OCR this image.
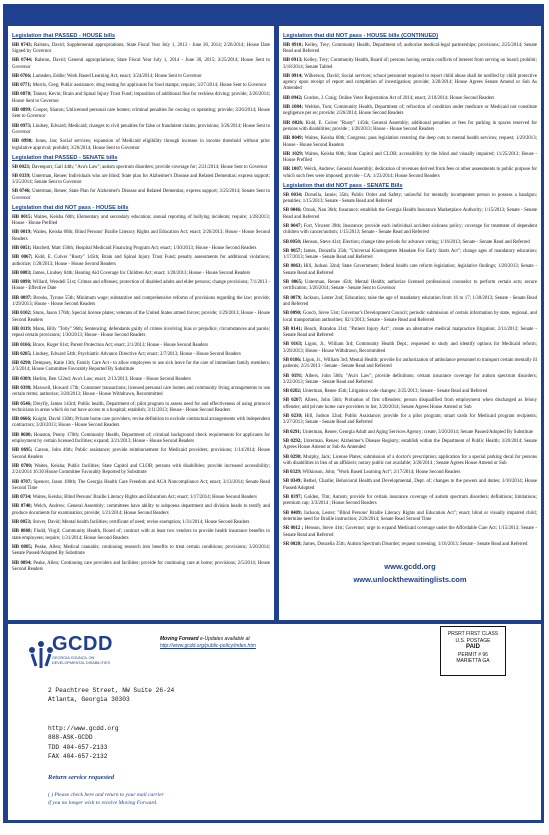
Legislation that PASSED - HOUSE bills
HB 0743; Ralston, David; Supplemental appropriations; State Fiscal Year July 1, 2013 - June 30, 2014; 2/26/2014; House Date Signed by Governor
HB 0744; Ralston, David; General appropriations; State Fiscal Year July 1, 2014 - June 30, 2015; 3/25/2014; House Sent to Governor
HB 0766; Lumsden, Eddie; Work Based Learning Act; enact; 3/24/2014; House Sent to Governor
HB 0771; Morris, Greg; Public assistance; drug testing for applicants for food stamps; require; 3/27/2014; House Sent to Governor
HB 0870; Tanner, Kevin; Brain and Spinal Injury Trust Fund; imposition of additional fine for reckless driving; provide; 3/26/2014; House Sent to Governor
HB 0899; Cooper, Sharon; Unlicensed personal care homes; criminal penalties for owning or operating; provide; 3/26/2014; House Sent to Governor
HB 0973; Lindsey, Edward; Medicaid; changes to civil penalties for false or fraudulent claims; provisions; 3/26/2014; House Sent to Governor
HB 0990; Jones, Jan; Social services; expansion of Medicaid eligibility through increase in income threshold without prior legislative approval; prohibit; 3/26/2014; House Sent to Governor
Legislation that PASSED - SENATE bills
SB 0023; Davenport, Gail 44th; "Ava's Law"; autism spectrum disorders; provide coverage for; 2/21/2014; House Sent to Governor
SB 0339; Unterman, Renee; Individuals who are blind; State plan for Alzheimer's Disease and Related Dementias; express support; 3/25/2014; Senate Sent to Governor
SB 0746; Unterman, Renee; State Plan for Alzheimer's Disease and Related Dementias; express support; 3/25/2014; Senate Sent to Governor
Legislation that did NOT pass - HOUSE bills
HB 0015; Waites, Keisha 60th; Elementary and secondary education; annual reporting of bullying incidents; require; 1/28/2013; House - House Prefiled
HB 0019; Waites, Keisha 60th; Blind Persons' Braille Literacy Rights and Education Act; enact; 2/26/2013; House - House Second Readers
HB 0051; Hatchett, Matt 150th; Hospital Medicaid Financing Program Act; enact; 1/30/2013; House - House Second Readers
HB 0067; Kidd, E. Culver "Rusty" 145th; Brain and Spinal Injury Trust Fund; penalty assessments for additional violations; authorize; 1/28/2013; House - House Second Readers
HB 0083; James, Lindsey 64th; Hearing Aid Coverage for Children Act; enact; 1/28/2013; House - House Second Readers
HB 0098; Willard, Wendell 51st; Crimes and offenses; protection of disabled adults and elder persons; change provisions; 7/1/2013 - House - Effective Date
HB 0097; Brooks, Tyrone 55th; Minimum wage; substantive and comprehensive reforms of provisions regarding the law; provide; 1/29/2013; House - House Second Readers
HB 0102; Stuns, Jason 176th; Special license plates; veterans of the United States armed forces; provide; 1/29/2013; House - House Second Readers
HB 0119; Mann, Billy "Toby" 96th; Sentencing; defendants guilty of crimes involving bias or prejudice; circumstances and parole; repeal certain provisions; 1/30/2013; House - House Second Readers
HB 0166; Bruce, Roger 61st; Parent Protection Act; enact; 2/1/2013; House - House Second Readers
HB 0205; Lindsey, Edward 54th; Psychiatric Advance Directive Act; enact; 2/7/2013; House - House Second Readers
HB 0290; Dempsey, Katie 13th; Family Care Act - to allow employees to use sick leave for the care of immediate family members; 2/3/2014; House Committee Favorably Reported By Substitute
HB 0309; Harbin, Ben 122nd; Ava's Law; enact; 2/13/2013; House - House Second Readers
HB 0398; Maxwell, Howard 17th; Consumer transactions; licensed personal care homes and community living arrangements to use certain terms; authorize; 3/28/2013; House - House Withdrawn, Recommitted
HB 0546; Dreyfly, James 143rd; Public health, Department of; pilot program to assess need for and effectiveness of using protocol technicians in areas which do not have access to a hospital; establish; 3/11/2013; House - House Second Readers
HB 0666; Knight, David 130th; Private home care providers; revise definition to exclude contractual arrangements with independent contractors; 3/20/2013; House - House Second Readers
HB 0680; Houston, Penny 170th; Community Health, Department of; criminal background check requirements for applicants for employment by certain licensed facilities; expand; 3/21/2013; House - House Second Readers
HB 0695; Carson, John 46th; Public assistance; provide reimbursement for Medicaid providers; provisions; 1/14/2014; House Second Readers
HB 0700; Waites, Keisha; Public facilities; State Capitol and CLOB; persons with disabilities; provide increased accessibility; 2/24/2014 16:30 House Committee Favorably Reported by Substitute
HB 0707; Spencer, Jason 180th; The Georgia Health Care Freedom and ACA Noncompliance Act; enact; 3/13/2014; Senate Read Second Time
HB 0734; Waites, Keisha; Blind Persons' Braille Literacy Rights and Education Act; enact; 1/17/2014; House Second Readers
HB 0740; Welch, Andrew; General Assembly; committees have ability to subpoena department and division heads to testify and produce documents for examination; provide; 1/21/2014; House Second Readers
HB 0853; Stover, David; Mental health facilities; certificate of need; revise exemption; 1/31/2014; House Second Readers
HB 0868; Fludd, Virgil; Community Health, Board of; contract with at least two vendors to provide health insurance benefits to state employees; require; 1/31/2014; House Second Readers
HB 0885; Peake, Allen; Medical cannabis; continuing research into benefits to treat certain conditions; provisions; 3/20/2014; Senate Passed/Adopted By Substitute
HB 0894; Peake, Allen; Continuing care providers and facilities; provide for continuing care at home; provisions; 2/5/2014; House Second Readers
Legislation that did NOT pass - HOUSE bills (CONTINUED)
HB 0910; Kelley, Trey; Community Health, Department of; authorize medical-legal partnerships; provisions; 2/25/2014; Senate Read and Referred
HB 0913; Kelley, Trey; Community Health, Board of; persons having certain conflicts of interest from serving on board; prohibit; 3/18/2014; Senate Tabled
HB 0914; Wilkerson, David; Social services; school personnel required to report child abuse shall be notified by child protective agency upon receipt of report and completion of investigation; provide; 3/20/2014; House Agrees Senate Amend or Sub As Amended
HB 0942; Gordon, J. Craig; Online Voter Registration Act of 2014; enact; 2/10/2014; House Second Readers
HB 1084; Weldon, Tom; Community Health, Department of; refraction of condition under medicare or Medicaid not constitute negligence per se; provide; 2/26/2014; House Second Readers
HR 0026; Kidd, E. Culver "Rusty" 145th; General Assembly; additional penalties or fees for parking in spaces reserved for persons with disabilities; provide ; 1/28/2013; House - House Second Readers
HR 0049; Waites, Keisha 60th; Congress; pass legislation restoring the deep cuts to mental health services; request; 1/29/2013; House - House Second Readers
HR 1029; Waites, Keisha 60th; State Capitol and CLOB; accessibility by the blind and visually impaired; 11/25/2013; House - House Prefiled
HR 1007; Welch, Andrew; General Assembly; dedication of revenues derived from fees or other assessments to public purpose for which such fees were imposed; provide - CA; 1/23/2014; House Second Readers
Legislation that did NOT pass - SENATE Bills
SB 0034; Dorsella, Jamie; 35th; Public Order and Safety; unlawful for mentally incompetent person to possess a handgun; penalties; 1/15/2013; Senate - Senate Read and Referred
SB 0046; Ornok, Nan 36th; Insurance; establish the Georgia Health Insurance Marketplace Authority; 1/15/2013; Senate - Senate Read and Referred
SB 0047; Fort, Vincent 39th; Insurance; provide each individual accident sickness policy; coverage for treatment of dependent children with cancer/autism; 1/15/2013; Senate - Senate Read and Referred
SB 0050; Henson, Steve 41st; Election; change time periods for advance voting; 1/16/2013; Senate - Senate Read and Referred
SB 0057; James, Donzella 35th; "Universal Kindergarten Mandate For Early Starts Act"; change ages of mandatory education; 1/17/2013; Senate - Senate Read and Referred
SB 0063; Hill, Judson 32nd; State Government; federal health care reform legislation; legislative findings; 1/28/2013; Senate - Senate Read and Referred
SB 0065; Unterman, Renee 45th; Mental Health; authorize licensed professional counselor to perform certain acts; secure certification; 3/26/2014; Senate - Senate Sent to Governor
SB 0079; Jackson, Lester 2nd; Education; raise the age of mandatory education from 16 to 17; 1/30/2013; Senate - Senate Read and Referred
SB 0090; Gooch, Steve 51st; Governor's Development Council; periodic submission of certain information by state, regional, and local transportation authorities; 02/1/2013; Senate - Senate Read and Referred
SB 0141; Beach, Brandon 21st; "Patient Injury Act"; create an alternative medical malpractice litigation; 2/11/2013; Senate - Senate Read and Referred
SB 0163; Ligon, Jr., William 3rd; Community Health Dept.; requested to study and identify options for Medicaid reform; 3/28/2013; House - House Withdrawn, Recommitted
SB 0186; Ligon, Jr., William 3rd; Mental Health; provide for authorization of ambulance personnel to transport certain mentally ill patients; 2/21/2013 - Senate - Senate Read and Referred
SB 0191; Albers, John 56th; "Ava's Law"; provide definitions; certain insurance coverage for autism spectrum disorders; 2/22/2013; Senate - Senate Read and Referred
SB 0202; Unterman, Renee 45th; Litigation code changes; 2/25/2013; Senate - Senate Read and Referred
SB 0207; Albers, John 56th; Probation of first offenders; person disqualified from employment when discharged as felony offender; add private home care providers to list; 3/20/2014; Senate Agrees House Amend or Sub
SB 0230; Hill, Judson 32nd; Public Assistance; provide for a pilot program; smart cards for Medicaid program recipients; 2/27/2013; Senate - Senate Read and Referred
SB 0291; Unterman, Renee; Georgia Adult and Aging Services Agency; create; 3/20/2014; Senate Passed/Adopted By Substitute
SB 0292; Unterman, Renee; Alzheimer's Disease Registry; establish within the Department of Public Health; 3/20/2014; Senate Agrees House Amend or Sub As Amended
SB 0298; Murphy, Jack; License Plates; submission of a doctor's prescription; application for a special parking decal for persons with disabilities in lieu of an affidavit; notary public not available; 3/20/2014 ; Senate Agrees House Amend or Sub
SB 0329; Wilkinson, John; "Work Based Learning Act"; 2/17/2014; House Second Readers
SB 0349; Bethel, Charlie; Behavioral Health and Developmental, Dept. of; changes to the powers and duties; 3/10/2014; House Passed/Adopted
SB 0397; Golden, Tim; Autism; provide for certain insurance coverage of autism spectrum disorders; definitions; limitations; premium cap; 3/3/2014 ; House Second Readers
SB 0409; Jackson, Lester; "Blind Persons' Braille Literacy Rights and Education Act"; enact; blind or visually impaired child; determine need for Braille instruction; 2/26/2014; Senate Read Second Time
SR 0012 ; Henson, Steve 41st; Governor; urge to expand Medicaid coverage under the Affordable Care Act; 1/15/2013; Senate - Senate Read and Referred
SR 0020; James, Donzella 35th; Autism Spectrum Disorder; request screening; 1/16/2013; Senate - Senate Read and Referred
www.gcdd.org
www.unlockthewaitinglists.com
GCDD
GEORGIA COUNCIL ON DEVELOPMENTAL DISABILITIES
Moving Forward e-Updates available at
http://www.gcdd.org/public-policy/index.htm
PRSRT FIRST CLASS
U.S. POSTAGE
PAID
PERMIT # 96
MARIETTA GA
2 Peachtree Street, NW Suite 26-24
Atlanta, Georgia 30303
http://www.gcdd.org
888-ASK-GCDD
TDD 404-657-2133
FAX 404-657-2132
Return service requested
( ) Please check here and return to your mail carrier
if you no longer wish to receive Moving Forward.
